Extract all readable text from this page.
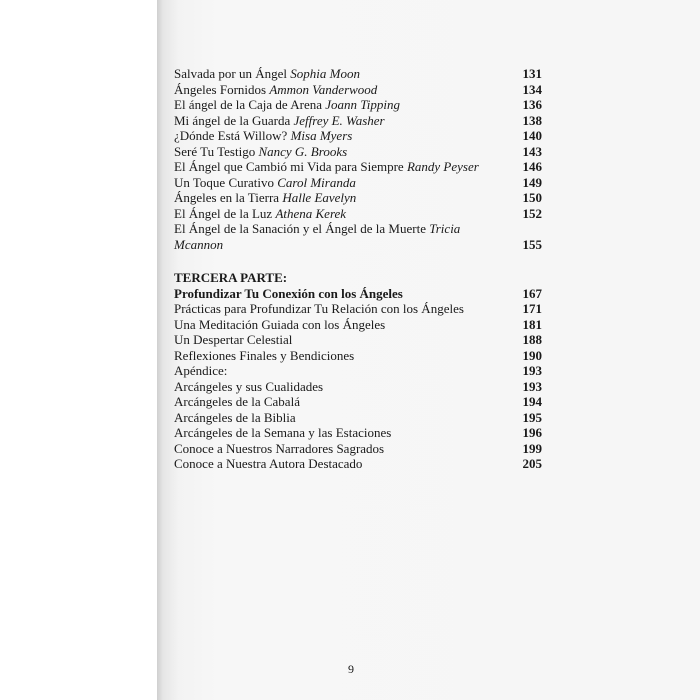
Salvada por un Ángel Sophia Moon	131
Ángeles Fornidos Ammon Vanderwood	134
El ángel de la Caja de Arena Joann Tipping	136
Mi ángel de la Guarda Jeffrey E. Washer	138
¿Dónde Está Willow? Misa Myers	140
Seré Tu Testigo Nancy G. Brooks	143
El Ángel que Cambió mi Vida para Siempre Randy Peyser	146
Un Toque Curativo Carol Miranda	149
Ángeles en la Tierra Halle Eavelyn	150
El Ángel de la Luz Athena Kerek	152
El Ángel de la Sanación y el Ángel de la Muerte Tricia
Mcannon	155
TERCERA PARTE:
Profundizar Tu Conexión con los Ángeles	167
Prácticas para Profundizar Tu Relación con los Ángeles	171
Una Meditación Guiada con los Ángeles	181
Un Despertar Celestial	188
Reflexiones Finales y Bendiciones	190
Apéndice:	193
Arcángeles y sus Cualidades	193
Arcángeles de la Cabalá	194
Arcángeles de la Biblia	195
Arcángeles de la Semana y las Estaciones	196
Conoce a Nuestros Narradores Sagrados	199
Conoce a Nuestra Autora Destacado	205
9
